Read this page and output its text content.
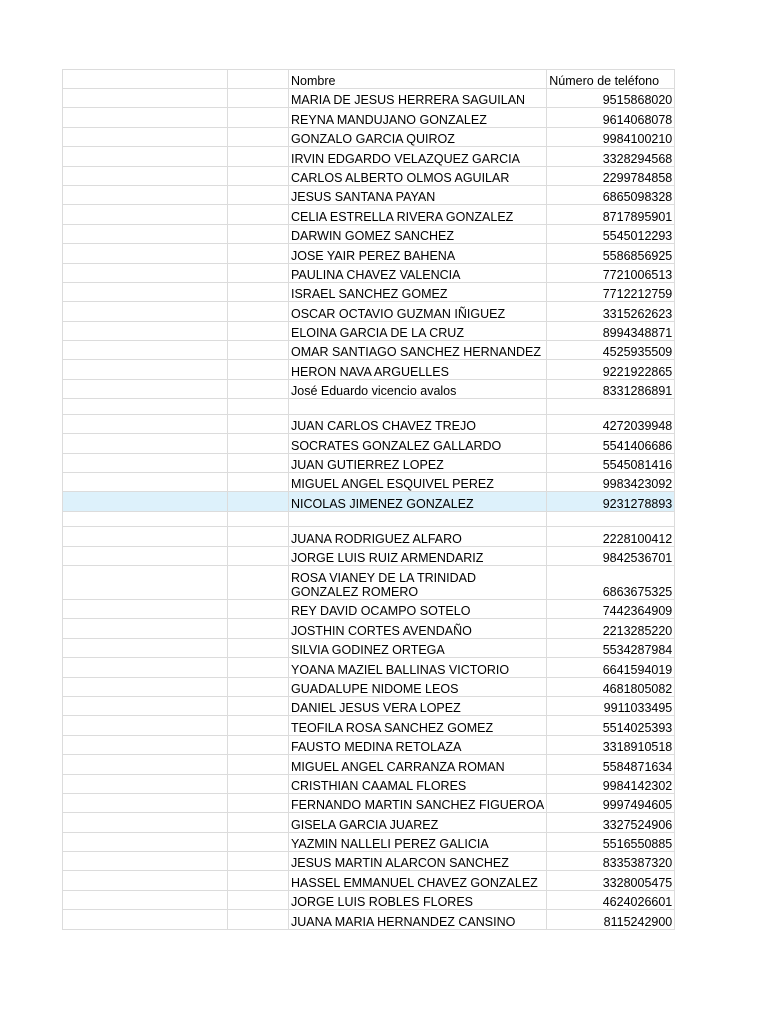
		Nombre	Número de teléfono
		MARIA DE JESUS HERRERA SAGUILAN	9515868020
		REYNA MANDUJANO GONZALEZ	9614068078
		GONZALO GARCIA QUIROZ	9984100210
		IRVIN EDGARDO VELAZQUEZ GARCIA	3328294568
		CARLOS ALBERTO OLMOS AGUILAR	2299784858
		JESUS SANTANA PAYAN	6865098328
		CELIA ESTRELLA RIVERA GONZALEZ	8717895901
		DARWIN GOMEZ SANCHEZ	5545012293
		JOSE YAIR PEREZ BAHENA	5586856925
		PAULINA CHAVEZ VALENCIA	7721006513
		ISRAEL SANCHEZ GOMEZ	7712212759
		OSCAR OCTAVIO GUZMAN IÑIGUEZ	3315262623
		ELOINA GARCIA DE LA CRUZ	8994348871
		OMAR SANTIAGO SANCHEZ HERNANDEZ	4525935509
		HERON NAVA ARGUELLES	9221922865
		José Eduardo vicencio avalos	8331286891

		JUAN CARLOS CHAVEZ TREJO	4272039948
		SOCRATES GONZALEZ GALLARDO	5541406686
		JUAN GUTIERREZ LOPEZ	5545081416
		MIGUEL ANGEL ESQUIVEL PEREZ	9983423092
		NICOLAS JIMENEZ GONZALEZ	9231278893

		JUANA RODRIGUEZ ALFARO	2228100412
		JORGE LUIS RUIZ ARMENDARIZ	9842536701
		ROSA VIANEY DE LA TRINIDAD GONZALEZ ROMERO	6863675325
		REY DAVID OCAMPO SOTELO	7442364909
		JOSTHIN CORTES AVENDAÑO	2213285220
		SILVIA GODINEZ ORTEGA	5534287984
		YOANA MAZIEL BALLINAS VICTORIO	6641594019
		GUADALUPE NIDOME LEOS	4681805082
		DANIEL JESUS VERA LOPEZ	9911033495
		TEOFILA ROSA SANCHEZ GOMEZ	5514025393
		FAUSTO MEDINA RETOLAZA	3318910518
		MIGUEL ANGEL CARRANZA ROMAN	5584871634
		CRISTHIAN CAAMAL FLORES	9984142302
		FERNANDO MARTIN SANCHEZ FIGUEROA	9997494605
		GISELA GARCIA JUAREZ	3327524906
		YAZMIN NALLELI PEREZ GALICIA	5516550885
		JESUS MARTIN ALARCON SANCHEZ	8335387320
		HASSEL EMMANUEL CHAVEZ GONZALEZ	3328005475
		JORGE LUIS ROBLES FLORES	4624026601
		JUANA MARIA HERNANDEZ CANSINO	8115242900
